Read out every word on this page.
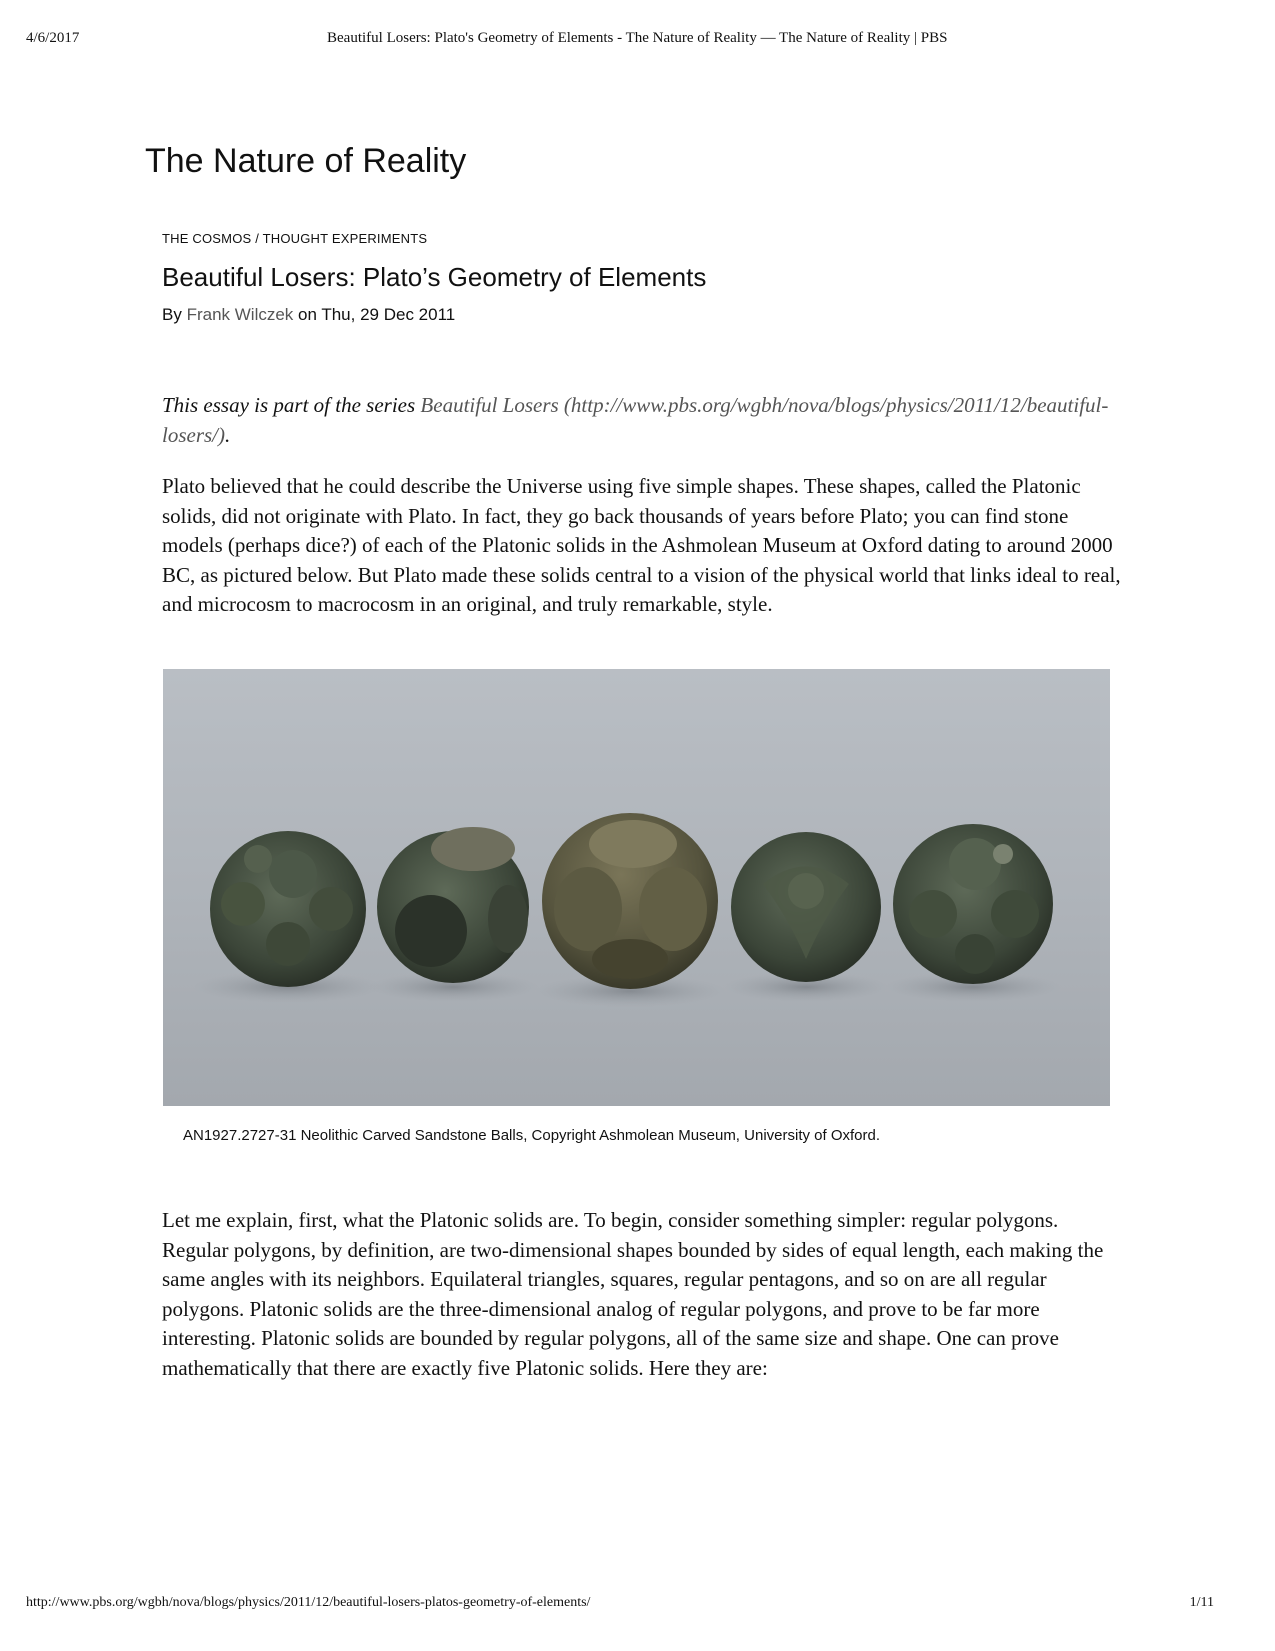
4/6/2017	Beautiful Losers: Plato's Geometry of Elements - The Nature of Reality — The Nature of Reality | PBS
The Nature of Reality
THE COSMOS / THOUGHT EXPERIMENTS
Beautiful Losers: Plato’s Geometry of Elements
By Frank Wilczek on Thu, 29 Dec 2011
This essay is part of the series Beautiful Losers (http://www.pbs.org/wgbh/nova/blogs/physics/2011/12/beautiful-losers/).

Plato believed that he could describe the Universe using five simple shapes. These shapes, called the Platonic solids, did not originate with Plato. In fact, they go back thousands of years before Plato; you can find stone models (perhaps dice?) of each of the Platonic solids in the Ashmolean Museum at Oxford dating to around 2000 BC, as pictured below. But Plato made these solids central to a vision of the physical world that links ideal to real, and microcosm to macrocosm in an original, and truly remarkable, style.

AN1927.2727-31 Neolithic Carved Sandstone Balls, Copyright Ashmolean Museum, University of Oxford.

Let me explain, first, what the Platonic solids are. To begin, consider something simpler: regular polygons. Regular polygons, by definition, are two-dimensional shapes bounded by sides of equal length, each making the same angles with its neighbors. Equilateral triangles, squares, regular pentagons, and so on are all regular polygons. Platonic solids are the three-dimensional analog of regular polygons, and prove to be far more interesting. Platonic solids are bounded by regular polygons, all of the same size and shape. One can prove mathematically that there are exactly five Platonic solids. Here they are:

http://www.pbs.org/wgbh/nova/blogs/physics/2011/12/beautiful-losers-platos-geometry-of-elements/	1/11
